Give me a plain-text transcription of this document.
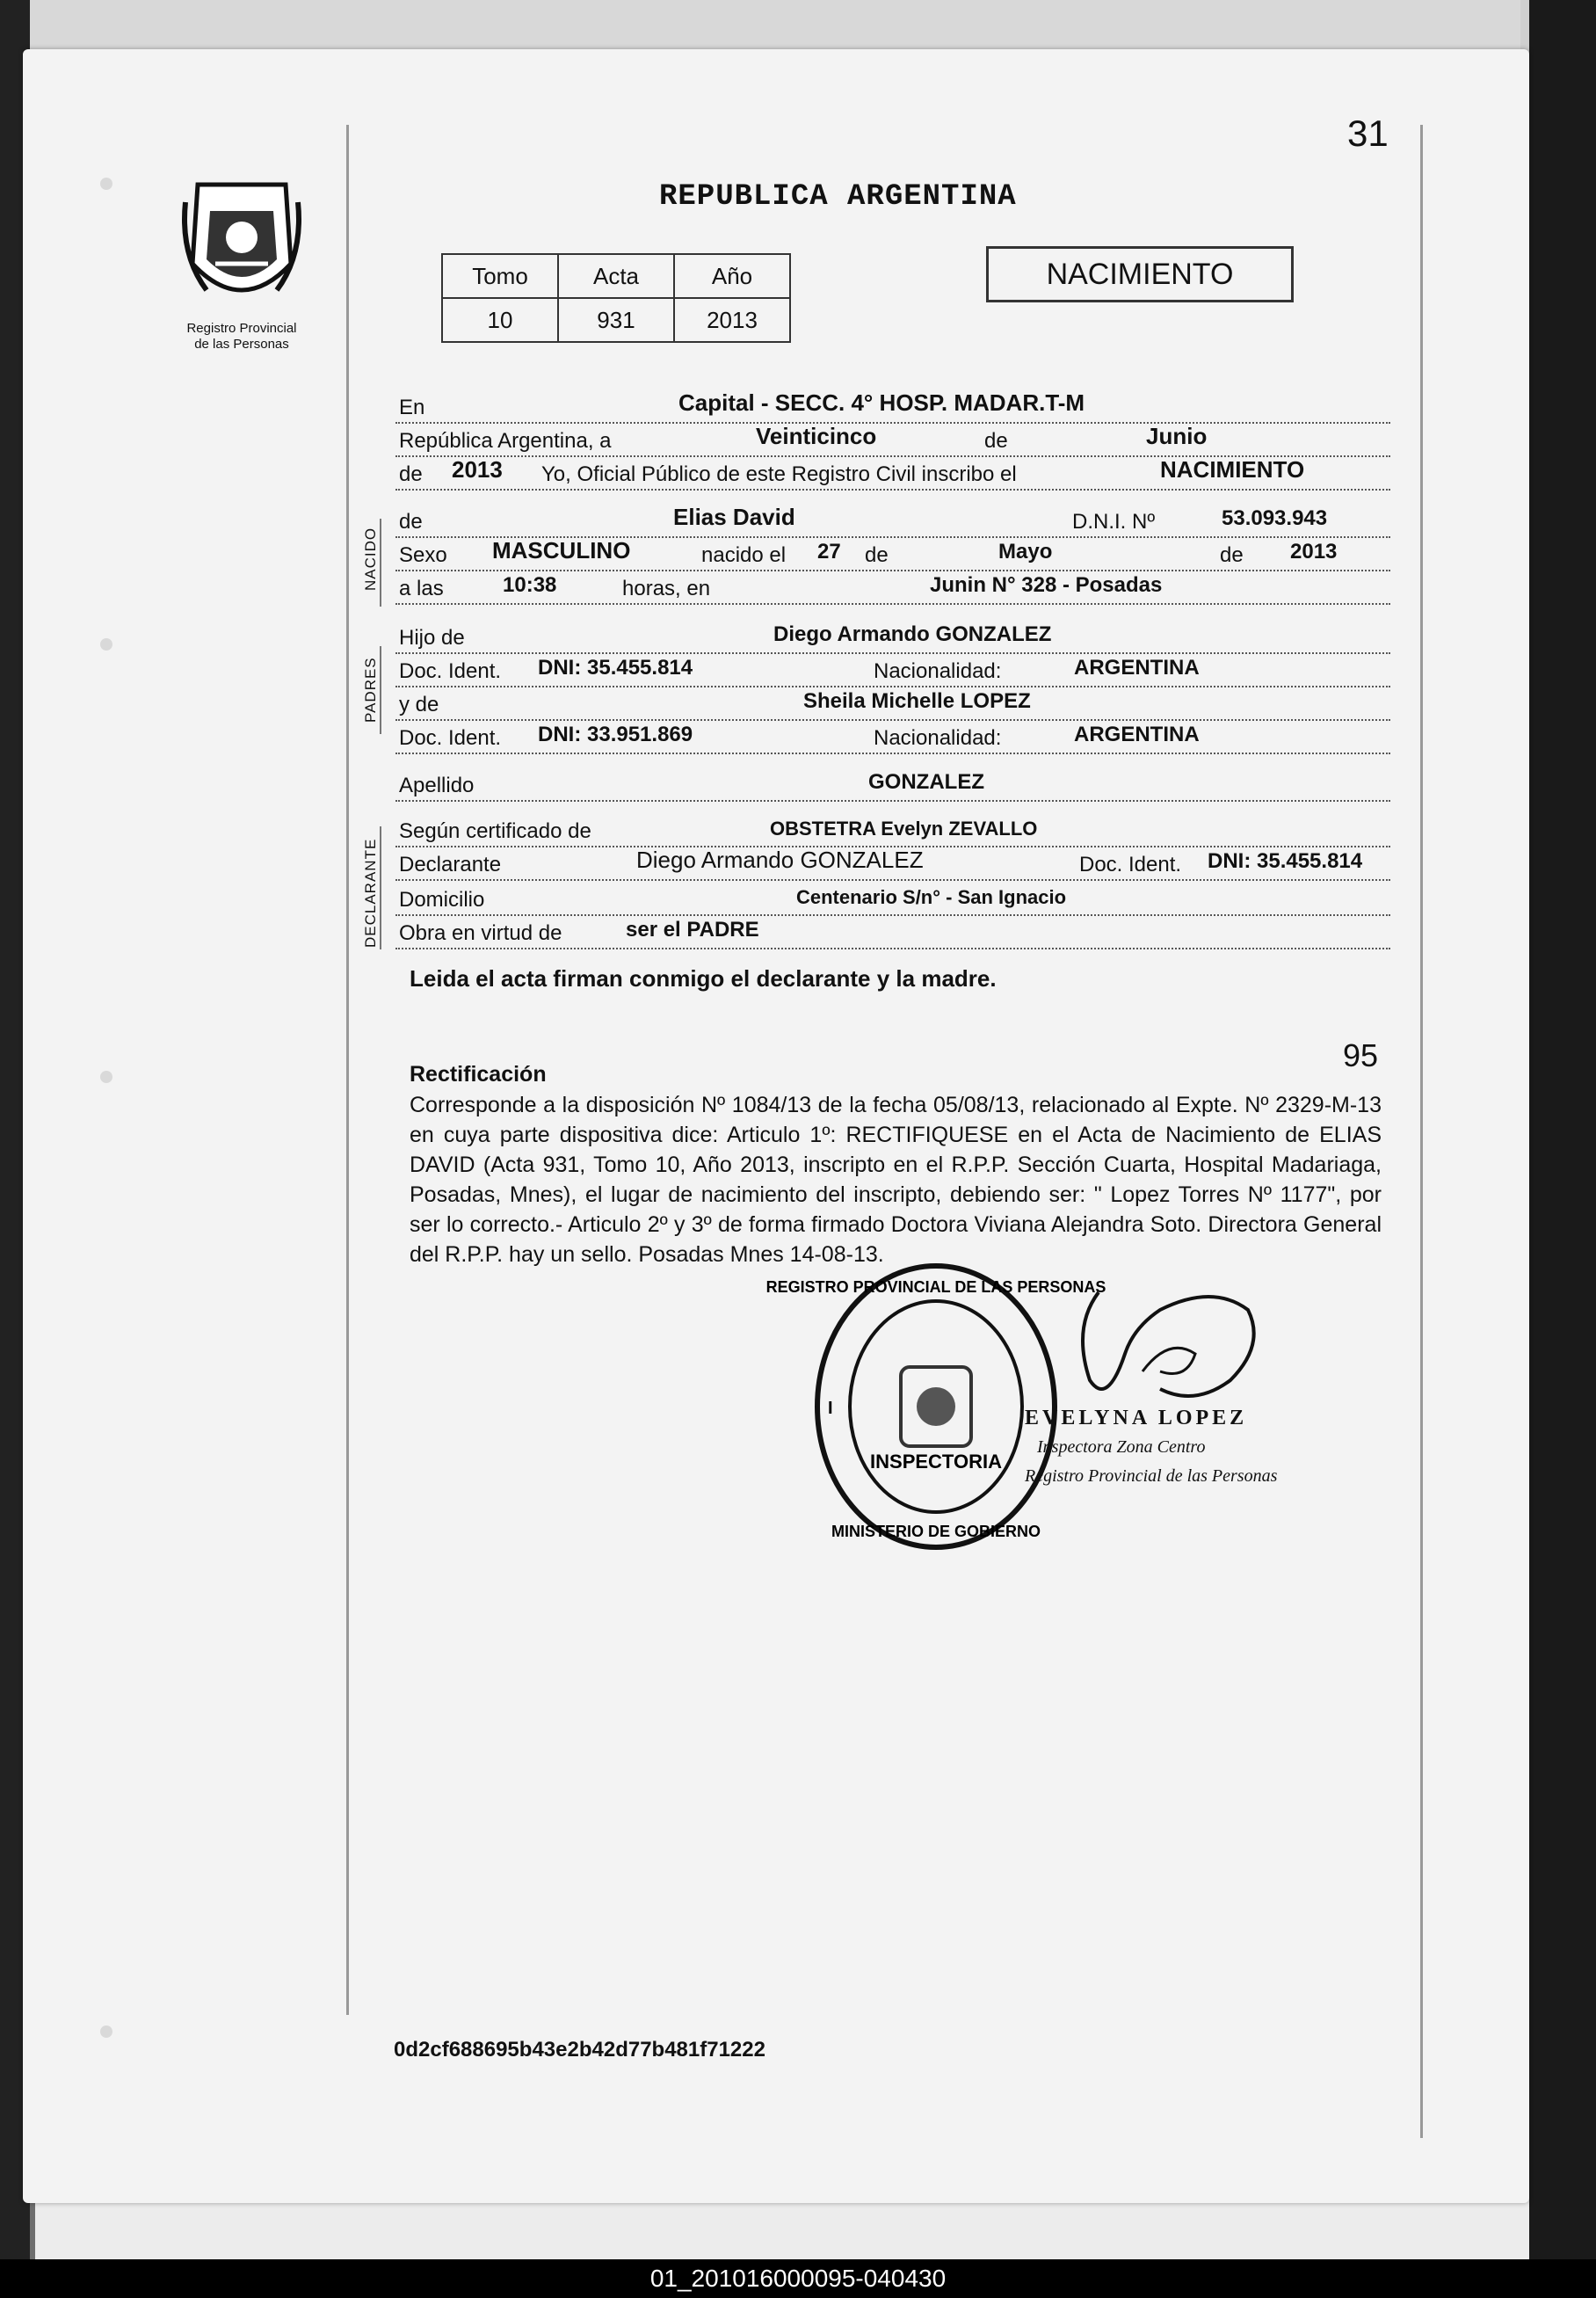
31
Registro Provincial
de las Personas
REPUBLICA ARGENTINA
Tomo	Acta	Año
10	931	2013
NACIMIENTO
NACIDO
PADRES
DECLARANTE
En	Capital - SECC. 4° HOSP. MADAR.T-M
República Argentina, a	Veinticinco	de	Junio
de 2013 Yo, Oficial Público de este Registro Civil inscribo el	NACIMIENTO
de	Elias David	D.N.I. Nº	53.093.943
Sexo MASCULINO	nacido el 27 de	Mayo	de 2013
a las	10:38	horas, en	Junin N° 328 - Posadas
Hijo de	Diego Armando GONZALEZ
Doc. Ident. DNI: 35.455.814	Nacionalidad:	ARGENTINA
y de	Sheila Michelle LOPEZ
Doc. Ident. DNI: 33.951.869	Nacionalidad:	ARGENTINA
Apellido	GONZALEZ
Según certificado de	OBSTETRA Evelyn ZEVALLO
Declarante	Diego Armando GONZALEZ	Doc. Ident. DNI: 35.455.814
Domicilio	Centenario S/n° - San Ignacio
Obra en virtud de	ser el PADRE
Leida el acta firman conmigo el declarante y la madre.
95
Rectificación
Corresponde a la disposición Nº 1084/13 de la fecha 05/08/13, relacionado al Expte. Nº 2329-M-13 en cuya parte dispositiva dice: Articulo 1º: RECTIFIQUESE en el Acta de Nacimiento de ELIAS DAVID (Acta 931, Tomo 10, Año 2013, inscripto en el R.P.P. Sección Cuarta, Hospital Madariaga, Posadas, Mnes), el lugar de nacimiento del inscripto, debiendo ser: " Lopez Torres Nº 1177", por ser lo correcto.- Articulo 2º y 3º de forma firmado Doctora Viviana Alejandra Soto. Directora General del R.P.P. hay un sello. Posadas Mnes 14-08-13.
INSPECTORIA
REGISTRO PROVINCIAL DE LAS PERSONAS
MINISTERIO DE GOBIERNO
I	EVELYNA LOPEZ
Inspectora Zona Centro
Registro Provincial de las Personas
0d2cf688695b43e2b42d77b481f71222
01_201016000095-040430
